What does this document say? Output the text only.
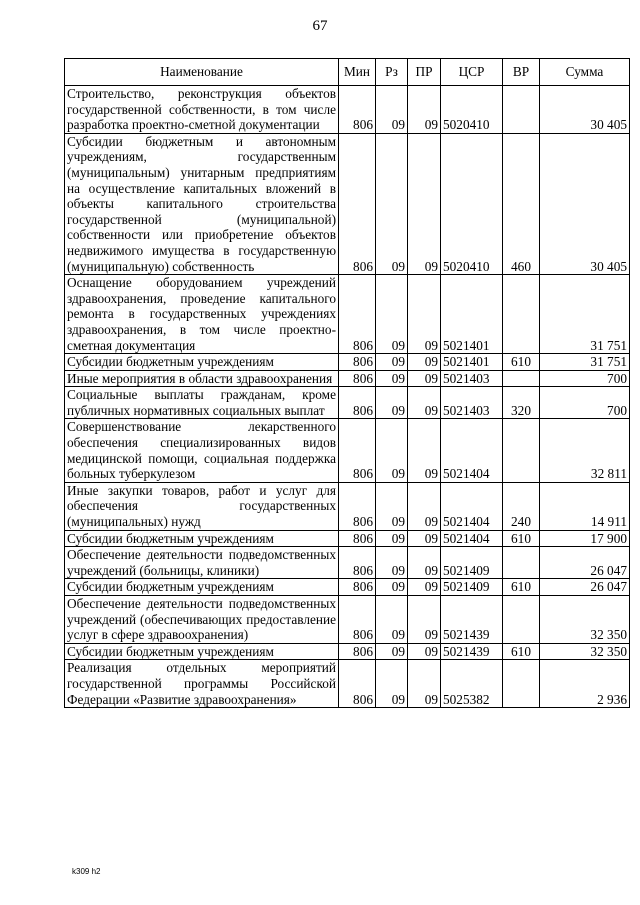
67
Наименование	Мин	Рз	ПР	ЦСР	ВР	Сумма
Строительство, реконструкция объектов государственной собственности, в том числе разработка проектно-сметной документации	806	09	09	5020410		30 405
Субсидии бюджетным и автономным учреждениям, государственным (муниципальным) унитарным предприятиям на осуществление капитальных вложений в объекты капитального строительства государственной (муниципальной) собственности или приобретение объектов недвижимого имущества в государственную (муниципальную) собственность	806	09	09	5020410	460	30 405
Оснащение оборудованием учреждений здравоохранения, проведение капитального ремонта в государственных учреждениях здравоохранения, в том числе проектно-сметная документация	806	09	09	5021401		31 751
Субсидии бюджетным учреждениям	806	09	09	5021401	610	31 751
Иные мероприятия в области здравоохранения	806	09	09	5021403		700
Социальные выплаты гражданам, кроме публичных нормативных социальных выплат	806	09	09	5021403	320	700
Совершенствование лекарственного обеспечения специализированных видов медицинской помощи, социальная поддержка больных туберкулезом	806	09	09	5021404		32 811
Иные закупки товаров, работ и услуг для обеспечения государственных (муниципальных) нужд	806	09	09	5021404	240	14 911
Субсидии бюджетным учреждениям	806	09	09	5021404	610	17 900
Обеспечение деятельности подведомственных учреждений (больницы, клиники)	806	09	09	5021409		26 047
Субсидии бюджетным учреждениям	806	09	09	5021409	610	26 047
Обеспечение деятельности подведомственных учреждений (обеспечивающих предоставление услуг в сфере здравоохранения)	806	09	09	5021439		32 350
Субсидии бюджетным учреждениям	806	09	09	5021439	610	32 350
Реализация отдельных мероприятий государственной программы Российской Федерации «Развитие здравоохранения»	806	09	09	5025382		2 936
k309 h2
